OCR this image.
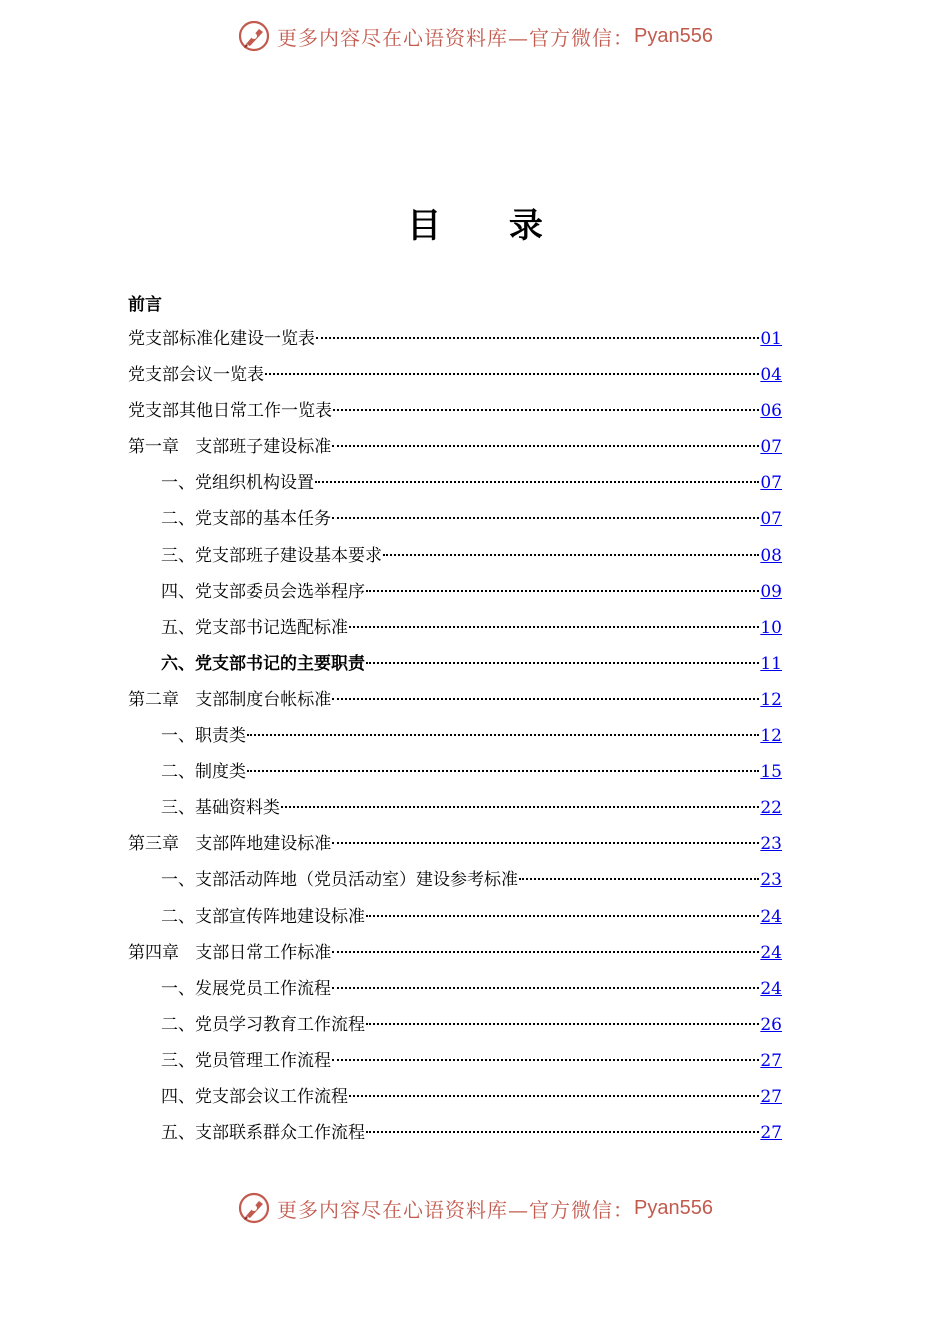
更多内容尽在心语资料库—官方微信： Pyan556
目 录

前言

党支部标准化建设一览表	01
党支部会议一览表	04
党支部其他日常工作一览表	06
第一章   支部班子建设标准	07
一、党组织机构设置	07
二、党支部的基本任务	07
三、党支部班子建设基本要求	08
四、党支部委员会选举程序	09
五、党支部书记选配标准	10
六、党支部书记的主要职责	11
第二章   支部制度台帐标准	12
一、职责类	12
二、制度类	15
三、基础资料类	22
第三章   支部阵地建设标准	23
一、支部活动阵地（党员活动室）建设参考标准	23
二、支部宣传阵地建设标准	24
第四章   支部日常工作标准	24
一、发展党员工作流程	24
二、党员学习教育工作流程	26
三、党员管理工作流程	27
四、党支部会议工作流程	27
五、支部联系群众工作流程	27
更多内容尽在心语资料库—官方微信： Pyan556
